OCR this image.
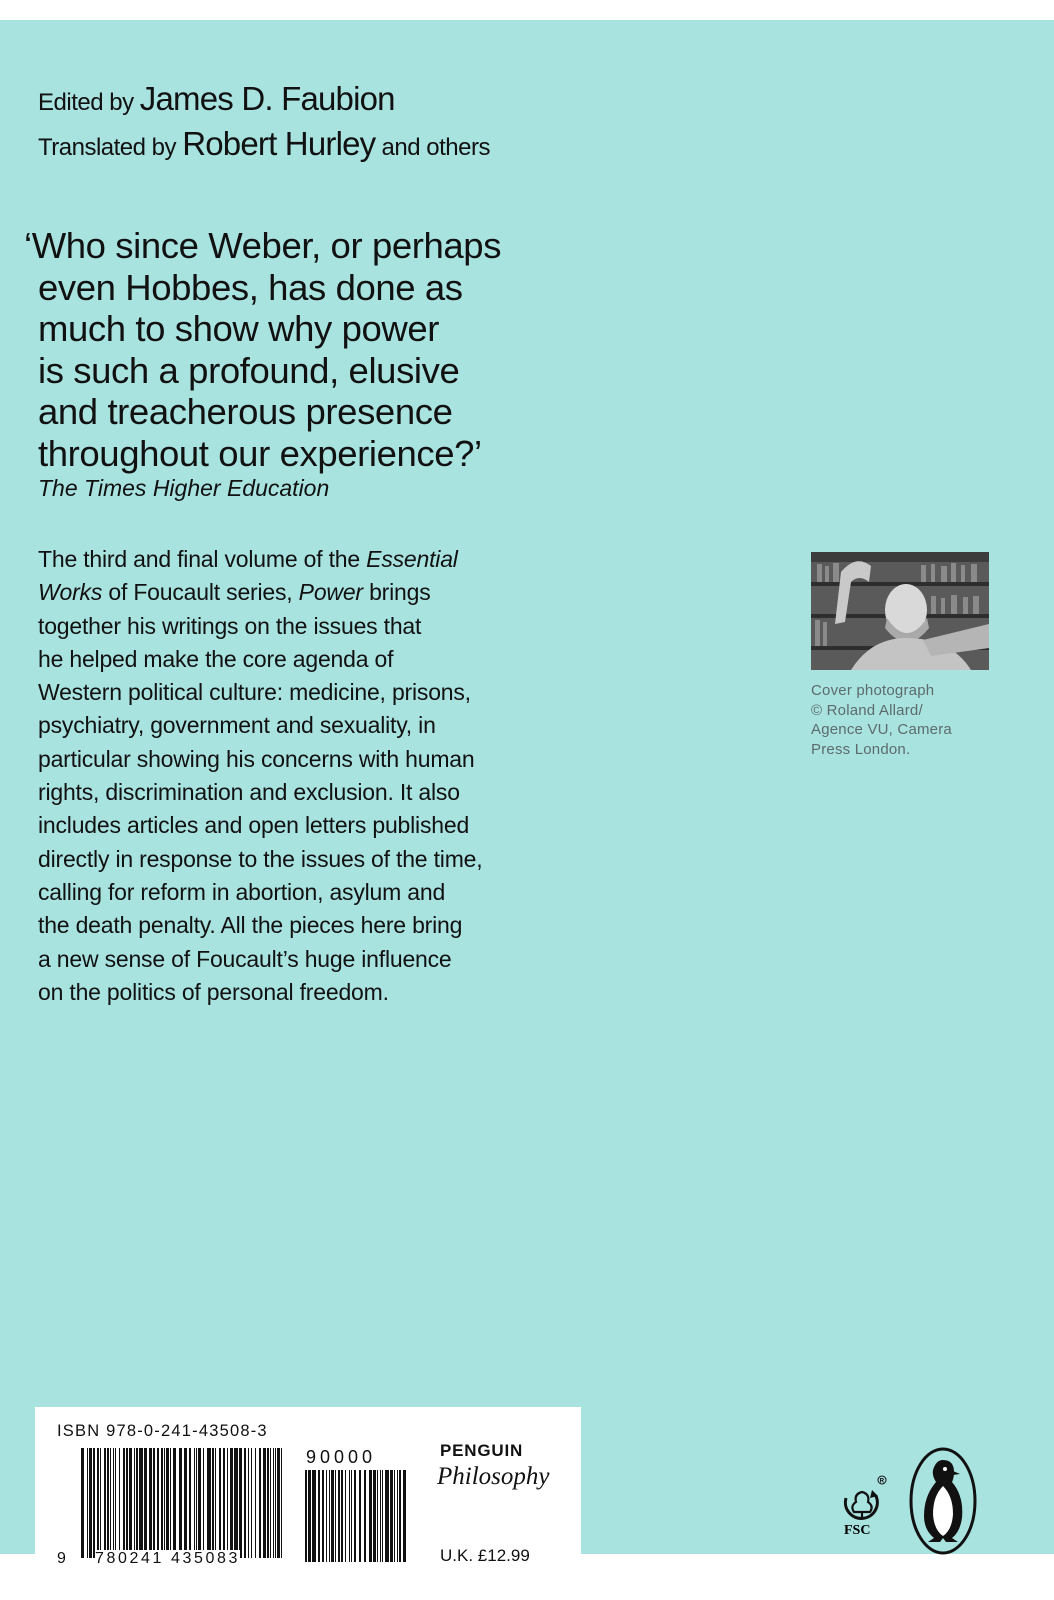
Edited by James D. Faubion
Translated by Robert Hurley and others
‘Who since Weber, or perhaps
even Hobbes, has done as
much to show why power
is such a profound, elusive
and treacherous presence
throughout our experience?’
The Times Higher Education
The third and final volume of the Essential
Works of Foucault series, Power brings
together his writings on the issues that
he helped make the core agenda of
Western political culture: medicine, prisons,
psychiatry, government and sexuality, in
particular showing his concerns with human
rights, discrimination and exclusion. It also
includes articles and open letters published
directly in response to the issues of the time,
calling for reform in abortion, asylum and
the death penalty. All the pieces here bring
a new sense of Foucault’s huge influence
on the politics of personal freedom.
Cover photograph
© Roland Allard/
Agence VU, Camera
Press London.
ISBN 978-0-241-43508-3
90000
9 780241 435083
PENGUIN
Philosophy
U.K. £12.99
R
FSC
